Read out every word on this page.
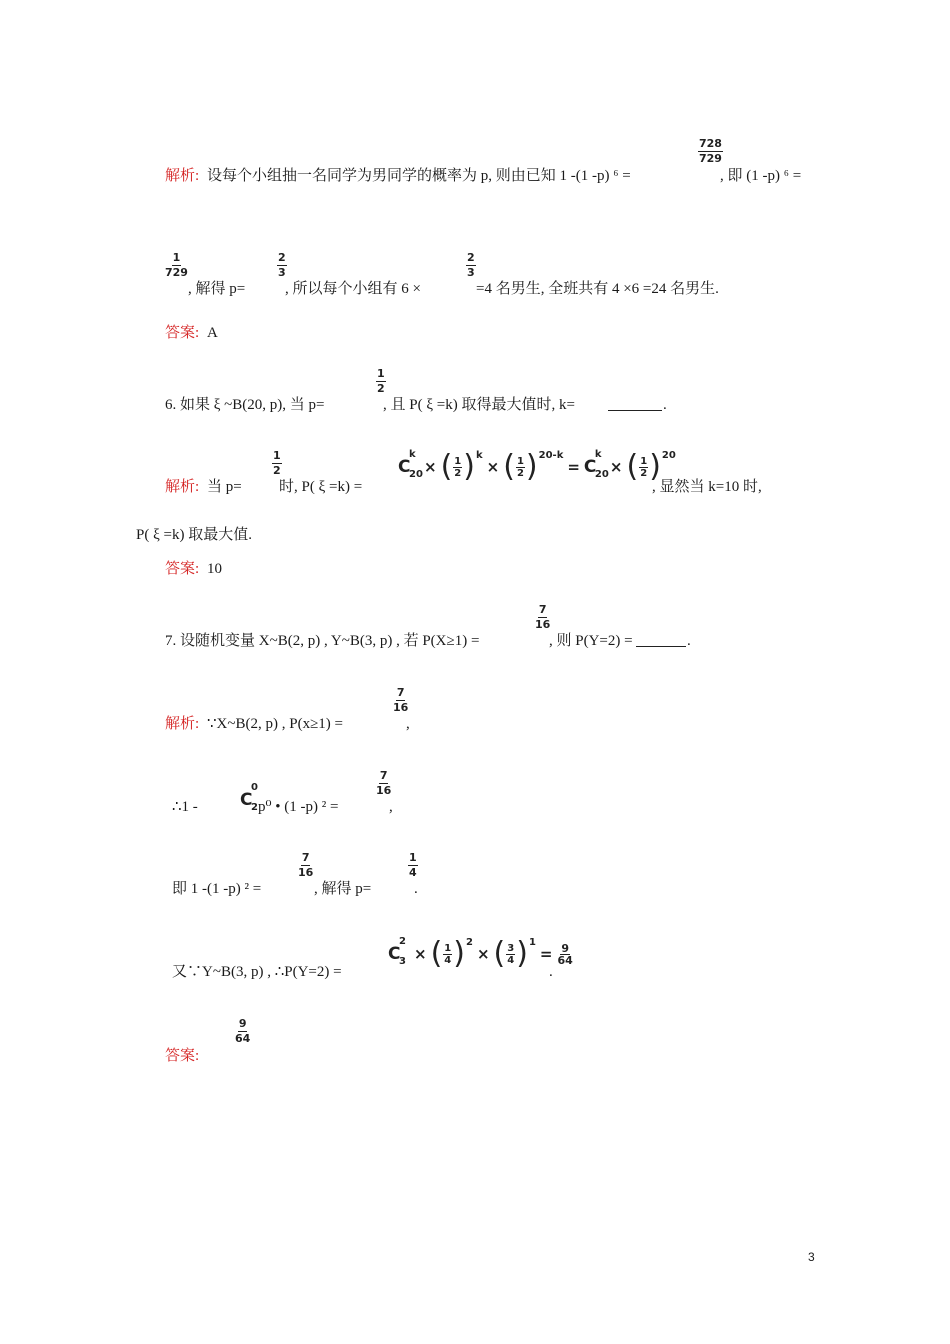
解析: 设每个小组抽一名同学为男同学的概率为 p, 则由已知 1 -(1 -p) ⁶ =
$\frac{728}{729}$
, 即 (1 -p) ⁶ =
$\frac{1}{729}$
, 解得 p=
$\frac{2}{3}$
, 所以每个小组有 6 ×
$\frac{2}{3}$
=4 名男生, 全班共有 4 ×6 =24 名男生.
答案: A
6. 如果 ξ ~B(20, p), 当 p=
$\frac{1}{2}$
, 且 P( ξ =k) 取得最大值时, k=	.
解析: 当 p=
$\frac{1}{2}$
时, P( ξ =k) =
C
k
20 × ( 1
2 ) k
× ( 1
2 ) 20-k
= C
k
20 × ( 1
2 ) 20
, 显然当 k=10 时,
P( ξ =k) 取最大值.
答案: 10
7. 设随机变量 X~B(2, p) , Y~B(3, p) , 若 P(X≥1) =
$\frac{7}{16}$
, 则 P(Y=2) =	.
解析: ∵X~B(2, p) , P(x≥1) =
$\frac{7}{16}$
,
∴1 - C
0
2 p⁰ • (1 -p) ² =
$\frac{7}{16}$
,
即 1 -(1 -p) ² =
$\frac{7}{16}$
, 解得 p=
$\frac{1}{4}$
.
又∵Y~B(3, p) , ∴P(Y=2) =
C
2
3 × ( 1
4 ) 2
× ( 3
4 ) 1
= 9
64
.
答案:
$\frac{9}{64}$
3
